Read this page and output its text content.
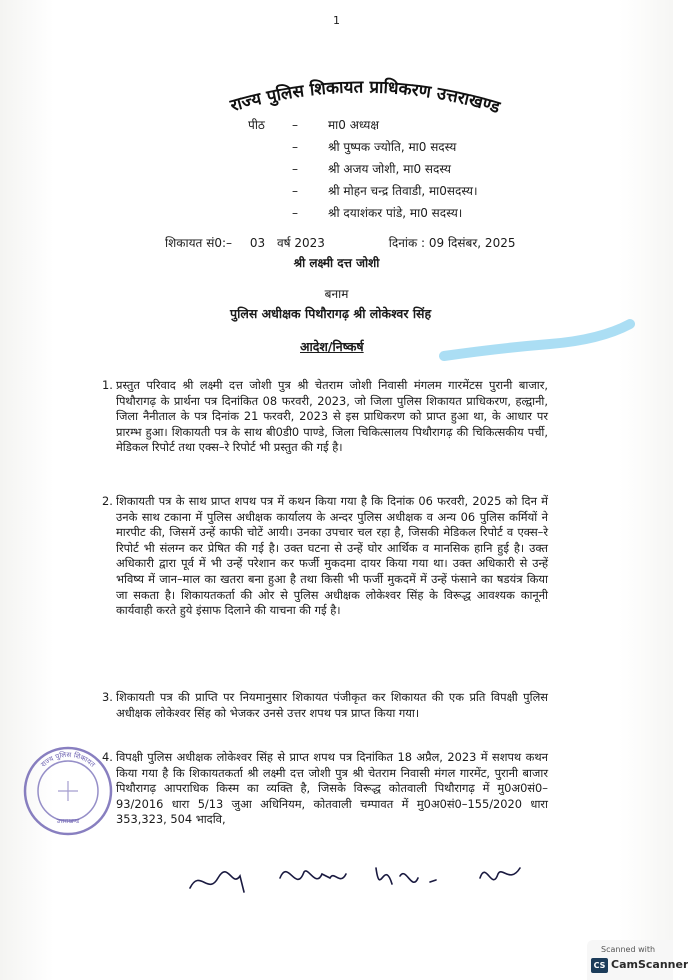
1
राज्य पुलिस शिकायत प्राधिकरण उत्तराखण्ड
पीठ –	मा0 अध्यक्ष
–	श्री पुष्पक ज्योति, मा0 सदस्य
–	श्री अजय जोशी, मा0 सदस्य
–	श्री मोहन चन्द्र तिवाडी, मा0सदस्य।
–	श्री दयाशंकर पांडे, मा0 सदस्य।
शिकायत सं0:– 03 वर्ष 2023	दिनांक : 09 दिसंबर, 2025
श्री लक्ष्मी दत्त जोशी
बनाम
पुलिस अधीक्षक पिथौरागढ़ श्री लोकेश्वर सिंह
आदेश/निष्कर्ष

1. प्रस्तुत परिवाद श्री लक्ष्मी दत्त जोशी पुत्र श्री चेतराम जोशी निवासी मंगलम गारमेंटस पुरानी बाजार, पिथौरागढ़ के प्रार्थना पत्र दिनांकित 08 फरवरी, 2023, जो जिला पुलिस शिकायत प्राधिकरण, हल्द्वानी, जिला नैनीताल के पत्र दिनांक 21 फरवरी, 2023 से इस प्राधिकरण को प्राप्त हुआ था, के आधार पर प्रारम्भ हुआ। शिकायती पत्र के साथ बी0डी0 पाण्डे, जिला चिकित्सालय पिथौरागढ़ की चिकित्सकीय पर्ची, मेडिकल रिपोर्ट तथा एक्स–रे रिपोर्ट भी प्रस्तुत की गई है।

2. शिकायती पत्र के साथ प्राप्त शपथ पत्र में कथन किया गया है कि दिनांक 06 फरवरी, 2025 को दिन में उनके साथ टकाना में पुलिस अधीक्षक कार्यालय के अन्दर पुलिस अधीक्षक व अन्य 06 पुलिस कर्मियों ने मारपीट की, जिसमें उन्हें काफी चोटें आयी। उनका उपचार चल रहा है, जिसकी मेडिकल रिपोर्ट व एक्स–रे रिपोर्ट भी संलग्न कर प्रेषित की गई है। उक्त घटना से उन्हें घोर आर्थिक व मानसिक हानि हुई है। उक्त अधिकारी द्वारा पूर्व में भी उन्हें परेशान कर फर्जी मुकदमा दायर किया गया था। उक्त अधिकारी से उन्हें भविष्य में जान–माल का खतरा बना हुआ है तथा किसी भी फर्जी मुकदमें में उन्हें फंसाने का षडयंत्र किया जा सकता है। शिकायतकर्ता की ओर से पुलिस अधीक्षक लोकेश्वर सिंह के विरूद्ध आवश्यक कानूनी कार्यवाही करते हुये इंसाफ दिलाने की याचना की गई है।

3. शिकायती पत्र की प्राप्ति पर नियमानुसार शिकायत पंजीकृत कर शिकायत की एक प्रति विपक्षी पुलिस अधीक्षक लोकेश्वर सिंह को भेजकर उनसे उत्तर शपथ पत्र प्राप्त किया गया।

4. विपक्षी पुलिस अधीक्षक लोकेश्वर सिंह से प्राप्त शपथ पत्र दिनांकित 18 अप्रैल, 2023 में सशपथ कथन किया गया है कि शिकायतकर्ता श्री लक्ष्मी दत्त जोशी पुत्र श्री चेतराम निवासी मंगल गारमेंट, पुरानी बाजार पिथौरागढ़ आपराधिक किस्म का व्यक्ति है, जिसके विरूद्ध कोतवाली पिथौरागढ़ में मु0अ0सं0– 93/2016 धारा 5/13 जुआ अधिनियम, कोतवाली चम्पावत में मु0अ0सं0–155/2020 धारा 353,323, 504 भादवि,

राज्य पुलिस शिकायत
उत्तराखण्ड
Scanned with
CS CamScanner
